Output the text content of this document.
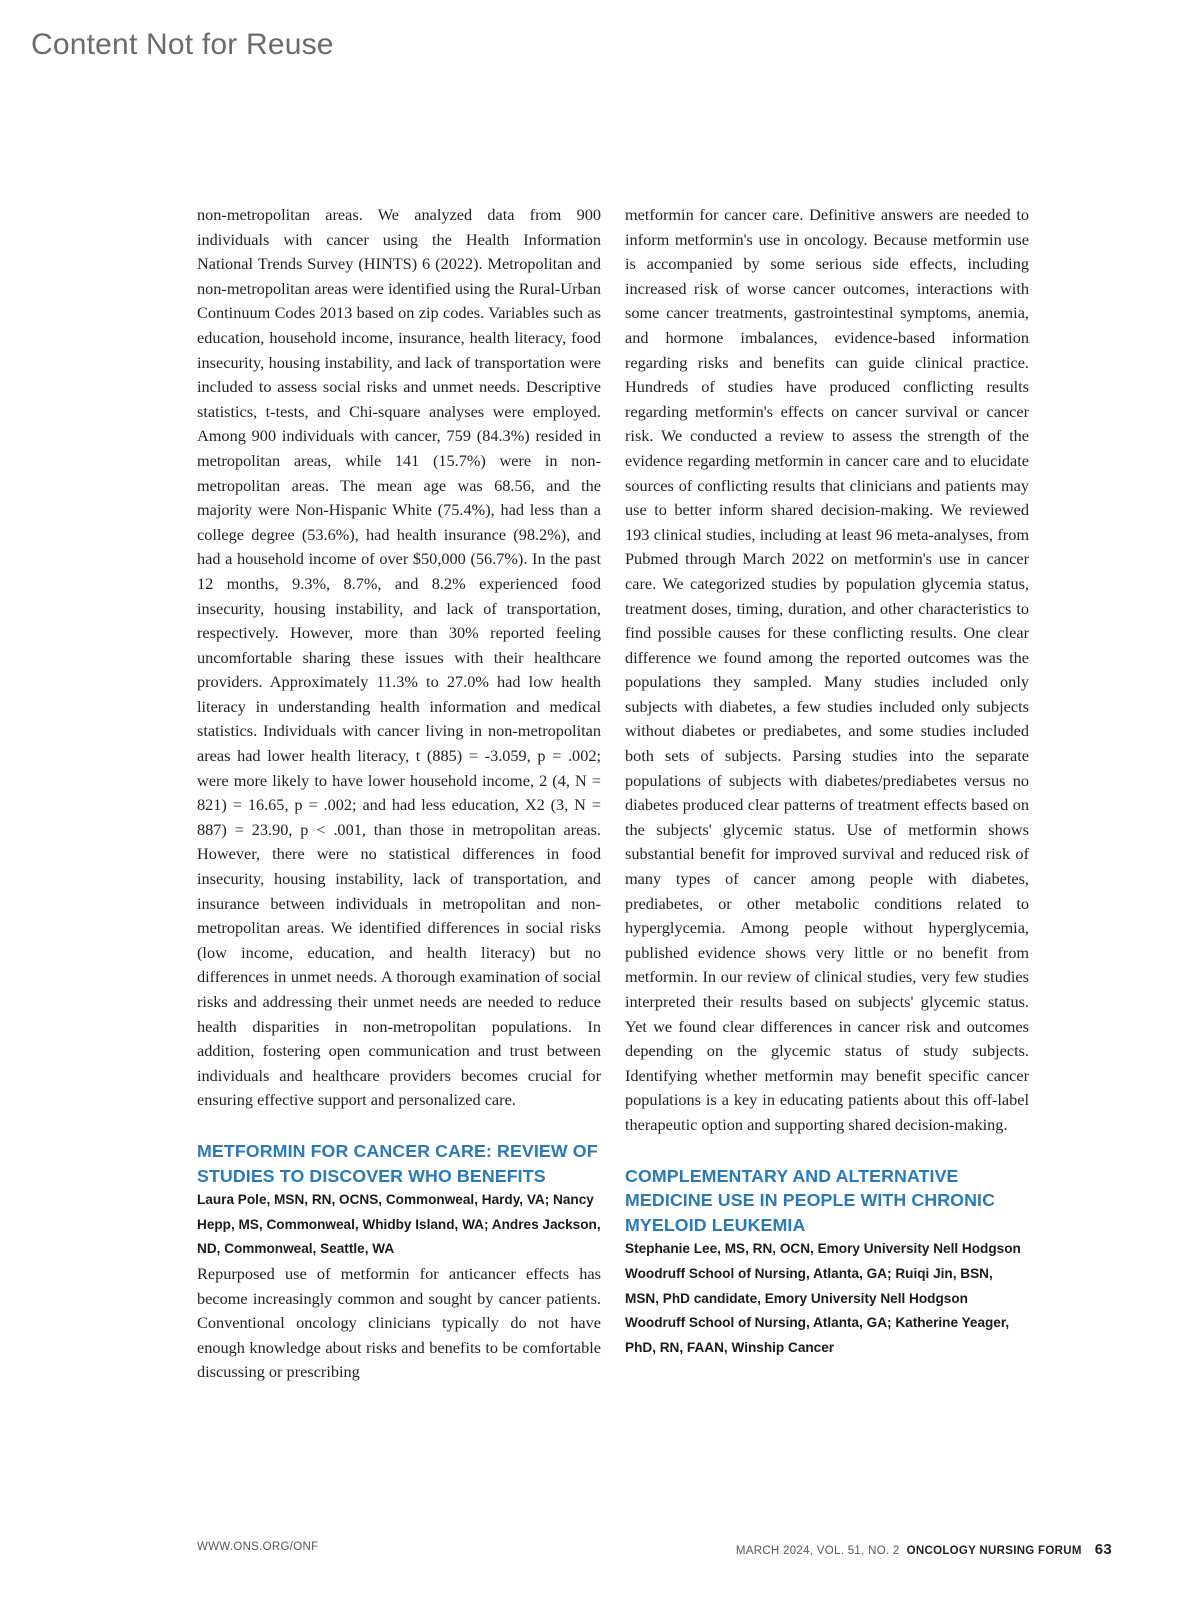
Content Not for Reuse

non-metropolitan areas. We analyzed data from 900 individuals with cancer using the Health Information National Trends Survey (HINTS) 6 (2022). Metropolitan and non-metropolitan areas were identified using the Rural-Urban Continuum Codes 2013 based on zip codes. Variables such as education, household income, insurance, health literacy, food insecurity, housing instability, and lack of transportation were included to assess social risks and unmet needs. Descriptive statistics, t-tests, and Chi-square analyses were employed. Among 900 individuals with cancer, 759 (84.3%) resided in metropolitan areas, while 141 (15.7%) were in non-metropolitan areas. The mean age was 68.56, and the majority were Non-Hispanic White (75.4%), had less than a college degree (53.6%), had health insurance (98.2%), and had a household income of over $50,000 (56.7%). In the past 12 months, 9.3%, 8.7%, and 8.2% experienced food insecurity, housing instability, and lack of transportation, respectively. However, more than 30% reported feeling uncomfortable sharing these issues with their healthcare providers. Approximately 11.3% to 27.0% had low health literacy in understanding health information and medical statistics. Individuals with cancer living in non-metropolitan areas had lower health literacy, t (885) = -3.059, p = .002; were more likely to have lower household income, 2 (4, N = 821) = 16.65, p = .002; and had less education, X2 (3, N = 887) = 23.90, p < .001, than those in metropolitan areas. However, there were no statistical differences in food insecurity, housing instability, lack of transportation, and insurance between individuals in metropolitan and non-metropolitan areas. We identified differences in social risks (low income, education, and health literacy) but no differences in unmet needs. A thorough examination of social risks and addressing their unmet needs are needed to reduce health disparities in non-metropolitan populations. In addition, fostering open communication and trust between individuals and healthcare providers becomes crucial for ensuring effective support and personalized care.

METFORMIN FOR CANCER CARE: REVIEW OF STUDIES TO DISCOVER WHO BENEFITS

Laura Pole, MSN, RN, OCNS, Commonweal, Hardy, VA; Nancy Hepp, MS, Commonweal, Whidby Island, WA; Andres Jackson, ND, Commonweal, Seattle, WA

Repurposed use of metformin for anticancer effects has become increasingly common and sought by cancer patients. Conventional oncology clinicians typically do not have enough knowledge about risks and benefits to be comfortable discussing or prescribing

metformin for cancer care. Definitive answers are needed to inform metformin's use in oncology. Because metformin use is accompanied by some serious side effects, including increased risk of worse cancer outcomes, interactions with some cancer treatments, gastrointestinal symptoms, anemia, and hormone imbalances, evidence-based information regarding risks and benefits can guide clinical practice. Hundreds of studies have produced conflicting results regarding metformin's effects on cancer survival or cancer risk. We conducted a review to assess the strength of the evidence regarding metformin in cancer care and to elucidate sources of conflicting results that clinicians and patients may use to better inform shared decision-making. We reviewed 193 clinical studies, including at least 96 meta-analyses, from Pubmed through March 2022 on metformin's use in cancer care. We categorized studies by population glycemia status, treatment doses, timing, duration, and other characteristics to find possible causes for these conflicting results. One clear difference we found among the reported outcomes was the populations they sampled. Many studies included only subjects with diabetes, a few studies included only subjects without diabetes or prediabetes, and some studies included both sets of subjects. Parsing studies into the separate populations of subjects with diabetes/prediabetes versus no diabetes produced clear patterns of treatment effects based on the subjects' glycemic status. Use of metformin shows substantial benefit for improved survival and reduced risk of many types of cancer among people with diabetes, prediabetes, or other metabolic conditions related to hyperglycemia. Among people without hyperglycemia, published evidence shows very little or no benefit from metformin. In our review of clinical studies, very few studies interpreted their results based on subjects' glycemic status. Yet we found clear differences in cancer risk and outcomes depending on the glycemic status of study subjects. Identifying whether metformin may benefit specific cancer populations is a key in educating patients about this off-label therapeutic option and supporting shared decision-making.

COMPLEMENTARY AND ALTERNATIVE MEDICINE USE IN PEOPLE WITH CHRONIC MYELOID LEUKEMIA

Stephanie Lee, MS, RN, OCN, Emory University Nell Hodgson Woodruff School of Nursing, Atlanta, GA; Ruiqi Jin, BSN, MSN, PhD candidate, Emory University Nell Hodgson Woodruff School of Nursing, Atlanta, GA; Katherine Yeager, PhD, RN, FAAN, Winship Cancer

WWW.ONS.ORG/ONF	MARCH 2024, VOL. 51, NO. 2 ONCOLOGY NURSING FORUM 63
